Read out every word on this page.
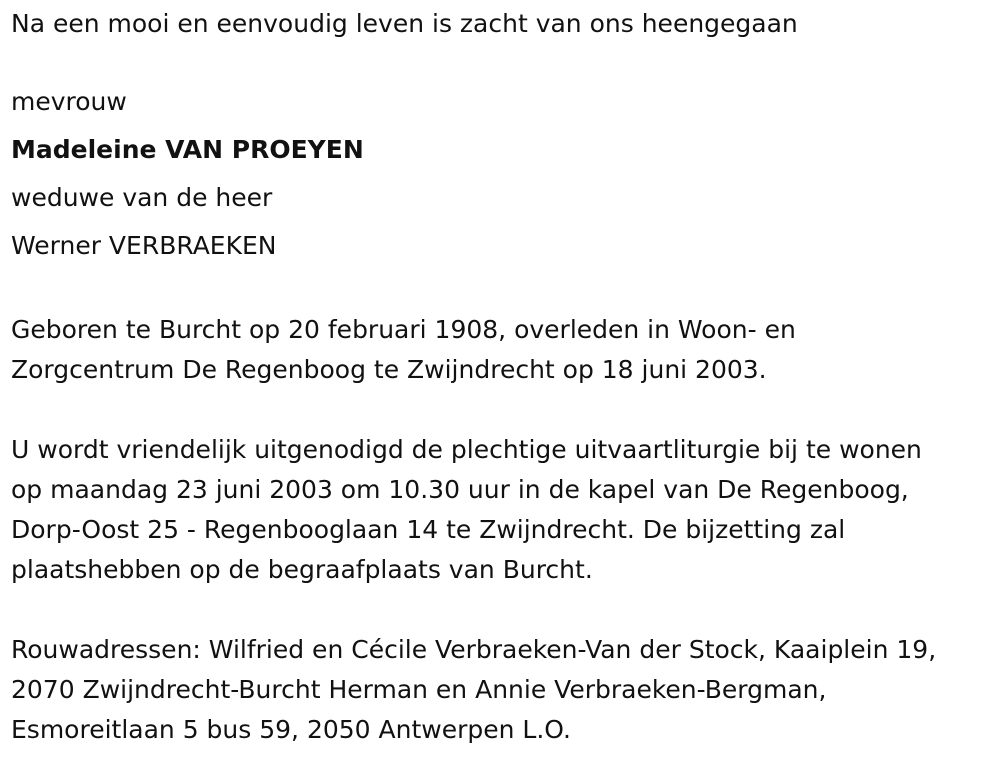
Na een mooi en eenvoudig leven is zacht van ons heengegaan
mevrouw
Madeleine VAN PROEYEN
weduwe van de heer
Werner VERBRAEKEN
Geboren te Burcht op 20 februari 1908, overleden in Woon- en
Zorgcentrum De Regenboog te Zwijndrecht op 18 juni 2003.
U wordt vriendelijk uitgenodigd de plechtige uitvaartliturgie bij te wonen
op maandag 23 juni 2003 om 10.30 uur in de kapel van De Regenboog,
Dorp-Oost 25 - Regenbooglaan 14 te Zwijndrecht. De bijzetting zal
plaatshebben op de begraafplaats van Burcht.
Rouwadressen: Wilfried en Cécile Verbraeken-Van der Stock, Kaaiplein 19,
2070 Zwijndrecht-Burcht Herman en Annie Verbraeken-Bergman,
Esmoreitlaan 5 bus 59, 2050 Antwerpen L.O.
